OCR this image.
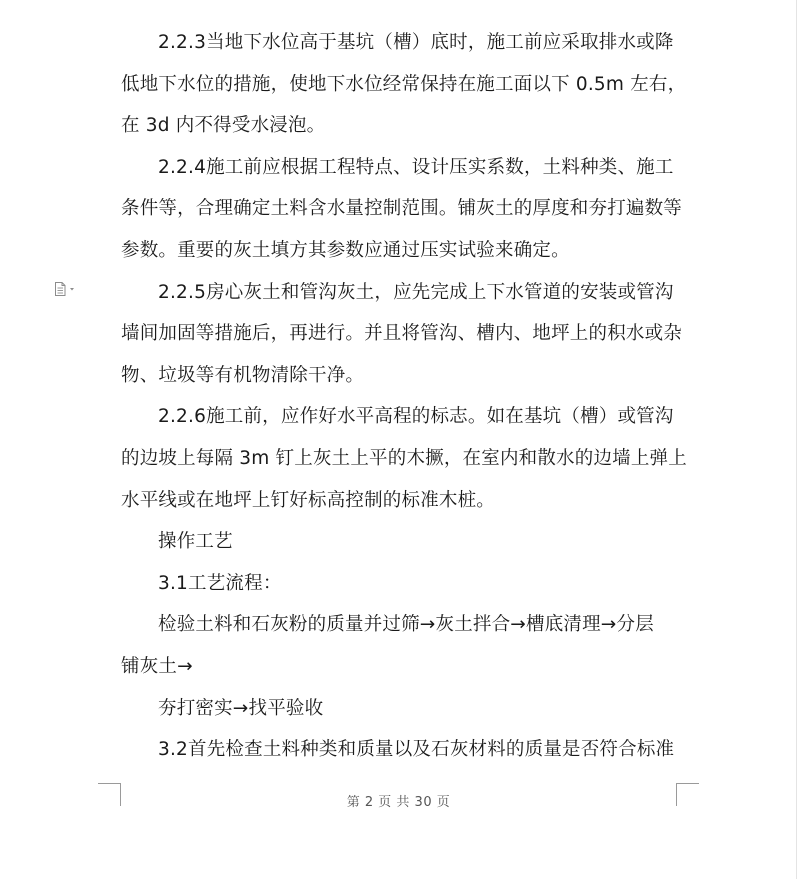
2.2.3当地下水位高于基坑（槽）底时，施工前应采取排水或降
低地下水位的措施，使地下水位经常保持在施工面以下 0.5m 左右，
在 3d 内不得受水浸泡。
2.2.4施工前应根据工程特点、设计压实系数，土料种类、施工
条件等，合理确定土料含水量控制范围。铺灰土的厚度和夯打遍数等
参数。重要的灰土填方其参数应通过压实试验来确定。
2.2.5房心灰土和管沟灰土，应先完成上下水管道的安装或管沟
墙间加固等措施后，再进行。并且将管沟、槽内、地坪上的积水或杂
物、垃圾等有机物清除干净。
2.2.6施工前，应作好水平高程的标志。如在基坑（槽）或管沟
的边坡上每隔 3m 钉上灰土上平的木撅，在室内和散水的边墙上弹上
水平线或在地坪上钉好标高控制的标准木桩。
操作工艺
3.1工艺流程：
检验土料和石灰粉的质量并过筛→灰土拌合→槽底清理→分层
铺灰土→
夯打密实→找平验收
3.2首先检查土料种类和质量以及石灰材料的质量是否符合标准
第 2 页 共 30 页
